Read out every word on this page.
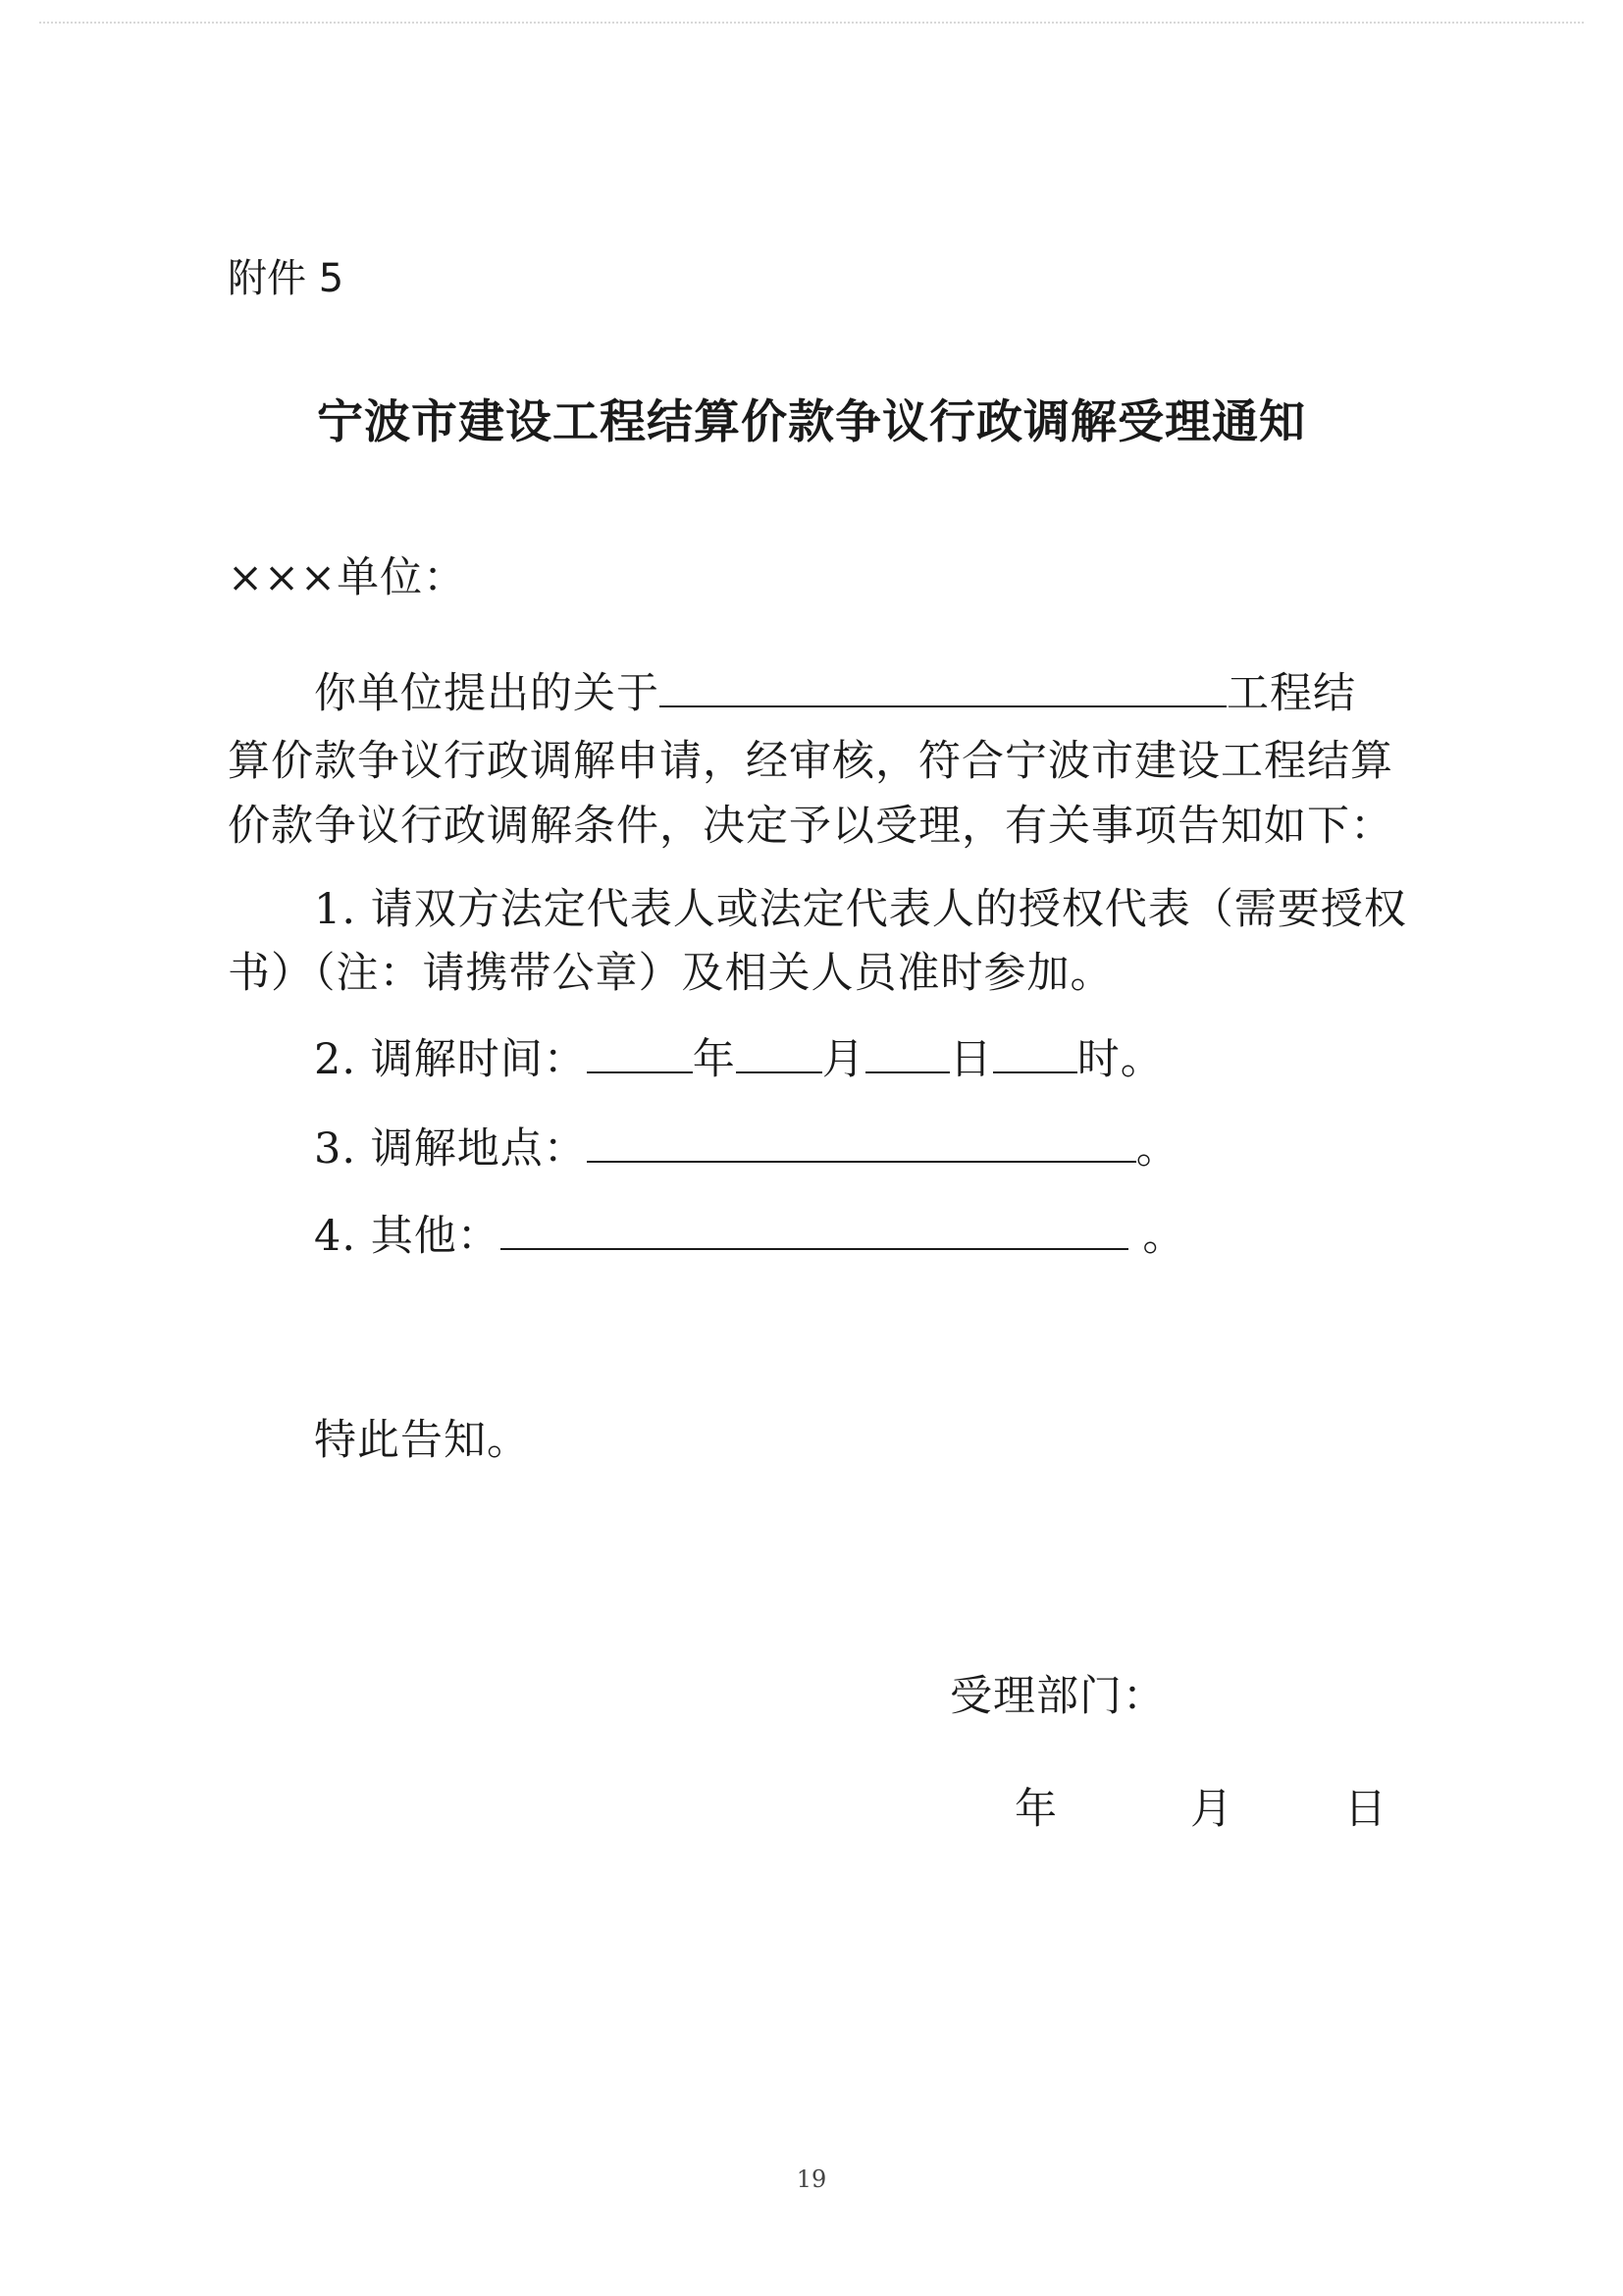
附件 5
宁波市建设工程结算价款争议行政调解受理通知
×××单位：
你单位提出的关于	工程结
算价款争议行政调解申请，经审核，符合宁波市建设工程结算
价款争议行政调解条件，决定予以受理，有关事项告知如下：
1. 请双方法定代表人或法定代表人的授权代表（需要授权
书）（注：请携带公章）及相关人员准时参加。
2. 调解时间：	年 月 日 时。
3. 调解地点：	。
4. 其他：	。
特此告知。
受理部门：
年	月	日
19
